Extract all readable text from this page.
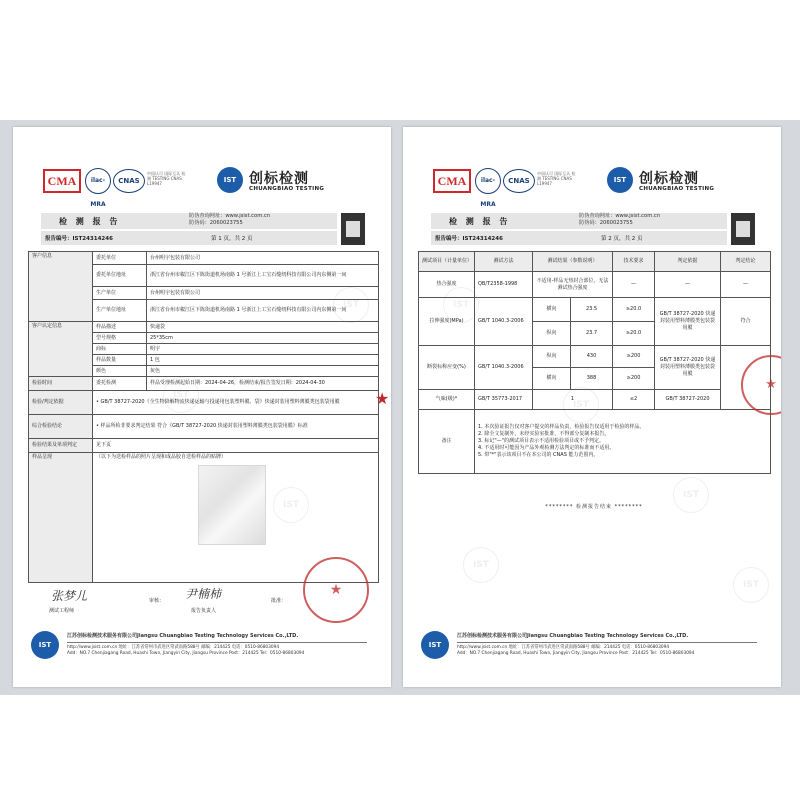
IST
IST
IST
CMA	ilac-MRA
CNAS
中国认可 国际互认 检测 TESTING CNAS L19947	IST 创标检测
CHUANGBIAO TESTING
检 测 报 告
防伪查询网址：www.jsist.com.cn
防伪码：2060023755
报告编号：IST24314246	第 1 页，共 2 页
客户信息	委托单位	台州明宇包装有限公司
	委托单位地址	浙江省台州市椒江区下陈街道机场南路 1 号浙江上工宝石缝纫科技有限公司内东侧第一间
	生产单位	台州明宇包装有限公司
	生产单位地址	浙江省台州市椒江区下陈街道机场南路 1 号浙江上工宝石缝纫科技有限公司内东侧第一间
客户认定信息	样品描述	快递袋
	型号规格	25*35cm
	商标	明宇
	样品数量	1 包
	颜色	灰色
检验时间	委托检测	样品受理检测起始日期：2024-04-26，检测结束/报告签发日期：2024-04-30
检验/判定依据	• GB/T 38727-2020《全生物降解物流快递运输与投递用包装塑料膜、袋》快递封装用塑料薄膜类包装袋用膜	
综合检验结论	• 样品所检非要求判定结果 符合《GB/T 38727-2020 快递封装用塑料薄膜类包装袋用膜》标准	
检验结果及单项判定	见下页	
样品呈现	（以下为送检样品的照片呈现和成品胶自送检样品的贴牌）	
★
张梦儿
测试工程师
审核： 尹楠柿
报告负责人
批准：
★
IST
江苏创标检测技术服务有限公司Jiangsu Chuangbiao Testing Technology Services Co.,LTD.
http://www.jsist.com.cn 地址：江苏省常州市武进区常武南路588号 邮编：214425 电话：0510-86803094
Add：NO.7 Chenjiagang Road, Huashi Town, Jiangyin City, Jiangsu Province Post：214425 Tel：0510-86803094
IST
IST
IST
IST
IST
CMA	ilac-MRA
CNAS
中国认可 国际互认 检测 TESTING CNAS L19947	IST 创标检测
CHUANGBIAO TESTING
检 测 报 告
防伪查询网址：www.jsist.com.cn
防伪码：2060023755
报告编号：IST24314246	第 2 页，共 2 页
测试项目（计量单位）	测试方法	测试结果（参数说明）		技术要求	判定依据	判定结论
热合强度	QB/T2358-1998	不适用-样品无热封合部位，无法测试热合强度		—	—	—
拉伸强度(MPa)	GB/T 1040.3-2006	横向	23.5	≥20.0	GB/T 38727-2020 快递封装用塑料薄膜类包装袋用膜	符合
		纵向	23.7	≥20.0		
断裂标称应变(%)	GB/T 1040.3-2006	纵向	430	≥200	GB/T 38727-2020 快递封装用塑料薄膜类包装袋用膜	
		横向	388	≥200		
气味(级)*	GB/T 35773-2017	1		≤2	GB/T 38727-2020	
备注	1. 本次验证报告仅对客户提交的样品负责，检验报告仅适用于检验的样品。
2. 除全文复制外，未经实验室批准，不得部分复制本报告。
3. 标记"—"的测试项目表示不适用检验项目或不予判定。
4. 不适用时可能因为产品外观检测方法判定的标准而不适用。
5. 带"*"表示该项目不在本公司的 CNAS 能力范围内。					
******** 检测报告结束 ********
★
IST
江苏创标检测技术服务有限公司Jiangsu Chuangbiao Testing Technology Services Co.,LTD.
http://www.jsist.com.cn 地址：江苏省常州市武进区常武南路588号 邮编：214425 电话：0510-86803094
Add：NO.7 Chenjiagang Road, Huashi Town, Jiangyin City, Jiangsu Province Post：214425 Tel：0510-86803094
